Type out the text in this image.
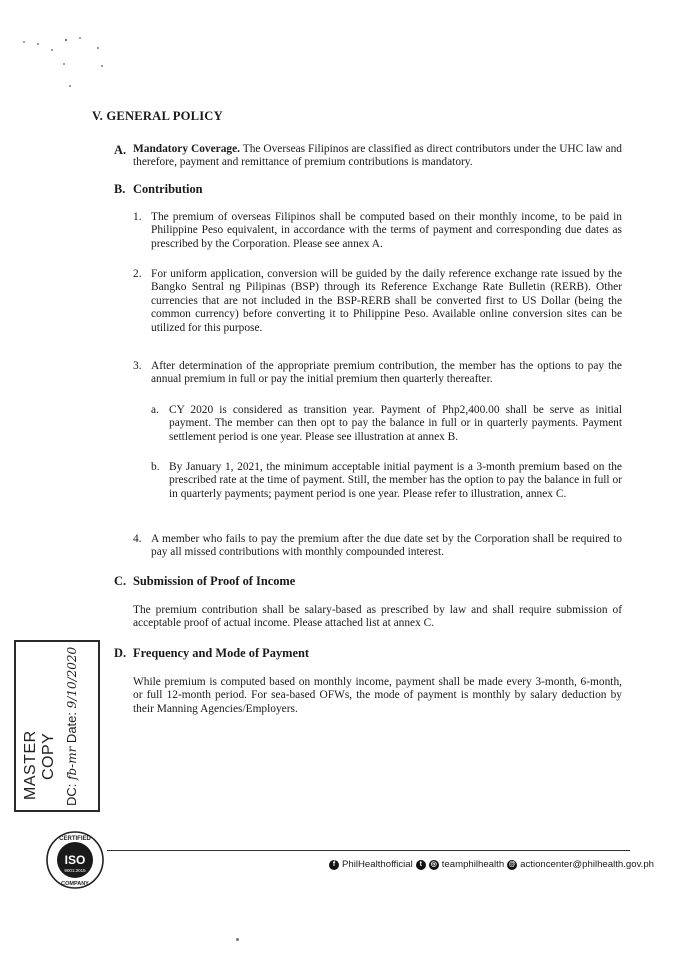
V. GENERAL POLICY
A. Mandatory Coverage. The Overseas Filipinos are classified as direct contributors under the UHC law and therefore, payment and remittance of premium contributions is mandatory.
B. Contribution
1. The premium of overseas Filipinos shall be computed based on their monthly income, to be paid in Philippine Peso equivalent, in accordance with the terms of payment and corresponding due dates as prescribed by the Corporation. Please see annex A.
2. For uniform application, conversion will be guided by the daily reference exchange rate issued by the Bangko Sentral ng Pilipinas (BSP) through its Reference Exchange Rate Bulletin (RERB). Other currencies that are not included in the BSP-RERB shall be converted first to US Dollar (being the common currency) before converting it to Philippine Peso. Available online conversion sites can be utilized for this purpose.
3. After determination of the appropriate premium contribution, the member has the options to pay the annual premium in full or pay the initial premium then quarterly thereafter.
a. CY 2020 is considered as transition year. Payment of Php2,400.00 shall be serve as initial payment. The member can then opt to pay the balance in full or in quarterly payments. Payment settlement period is one year. Please see illustration at annex B.
b. By January 1, 2021, the minimum acceptable initial payment is a 3-month premium based on the prescribed rate at the time of payment. Still, the member has the option to pay the balance in full or in quarterly payments; payment period is one year. Please refer to illustration, annex C.
4. A member who fails to pay the premium after the due date set by the Corporation shall be required to pay all missed contributions with monthly compounded interest.
C. Submission of Proof of Income
The premium contribution shall be salary-based as prescribed by law and shall require submission of acceptable proof of actual income. Please attached list at annex C.
D. Frequency and Mode of Payment
While premium is computed based on monthly income, payment shall be made every 3-month, 6-month, or full 12-month period. For sea-based OFWs, the mode of payment is monthly by salary deduction by their Manning Agencies/Employers.
MASTER COPY
DC: fb-mr Date: 9/10/2020
CERTIFIED
ISO
9001:2015
COMPANY
f PhilHealthofficial t	◎ teamphilhealth @ actioncenter@philhealth.gov.ph
